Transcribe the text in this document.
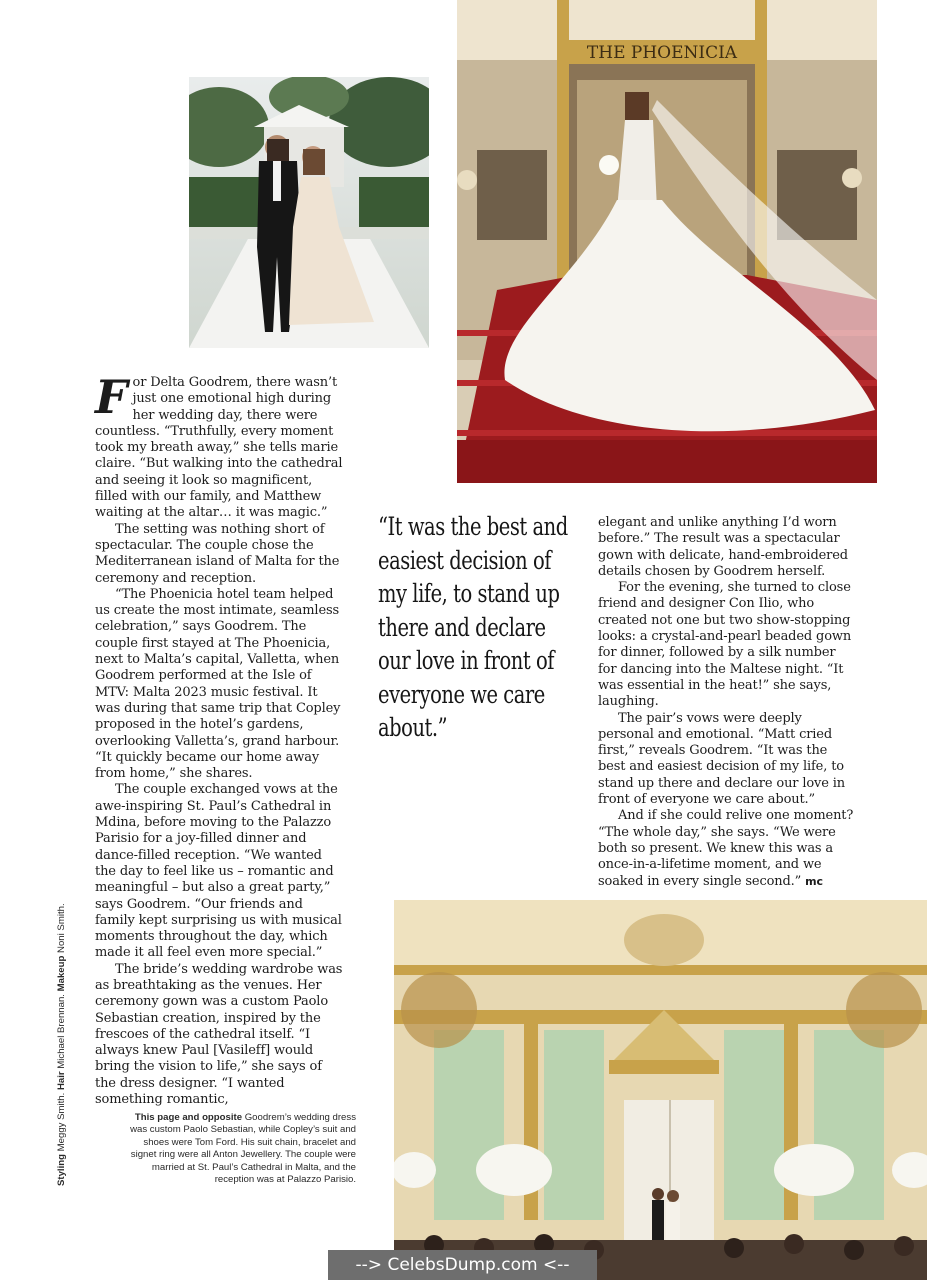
THE PHOENICIA

For Delta Goodrem, there wasn’t just one emotional high during her wedding day, there were countless. “Truthfully, every moment took my breath away,” she tells marie claire. “But walking into the cathedral and seeing it look so magnificent, filled with our family, and Matthew waiting at the altar… it was magic.”

The setting was nothing short of spectacular. The couple chose the Mediterranean island of Malta for the ceremony and reception.

“The Phoenicia hotel team helped us create the most intimate, seamless celebration,” says Goodrem. The couple first stayed at The Phoenicia, next to Malta’s capital, Valletta, when Goodrem performed at the Isle of MTV: Malta 2023 music festival. It was during that same trip that Copley proposed in the hotel’s gardens, overlooking Valletta’s, grand harbour. “It quickly became our home away from home,” she shares.

The couple exchanged vows at the awe-inspiring St. Paul’s Cathedral in Mdina, before moving to the Palazzo Parisio for a joy-filled dinner and dance-filled reception. “We wanted the day to feel like us – romantic and meaningful – but also a great party,” says Goodrem. “Our friends and family kept surprising us with musical moments throughout the day, which made it all feel even more special.”

The bride’s wedding wardrobe was as breathtaking as the venues. Her ceremony gown was a custom Paolo Sebastian creation, inspired by the frescoes of the cathedral itself. “I always knew Paul [Vasileff] would bring the vision to life,” she says of the dress designer. “I wanted something romantic,

“It was the best and easiest decision of my life, to stand up there and declare our love in front of everyone we care about.”

elegant and unlike anything I’d worn before.” The result was a spectacular gown with delicate, hand-embroidered details chosen by Goodrem herself.

For the evening, she turned to close friend and designer Con Ilio, who created not one but two show-stopping looks: a crystal-and-pearl beaded gown for dinner, followed by a silk number for dancing into the Maltese night. “It was essential in the heat!” she says, laughing.

The pair’s vows were deeply personal and emotional. “Matt cried first,” reveals Goodrem. “It was the best and easiest decision of my life, to stand up there and declare our love in front of everyone we care about.”

And if she could relive one moment? “The whole day,” she says. “We were both so present. We knew this was a once-in-a-lifetime moment, and we soaked in every single second.” mc

This page and opposite Goodrem’s wedding dress was custom Paolo Sebastian, while Copley’s suit and shoes were Tom Ford. His suit chain, bracelet and signet ring were all Anton Jewellery. The couple were married at St. Paul’s Cathedral in Malta, and the reception was at Palazzo Parisio.
Styling Meggy Smith. Hair Michael Brennan. Makeup Noni Smith.
--> CelebsDump.com <--
